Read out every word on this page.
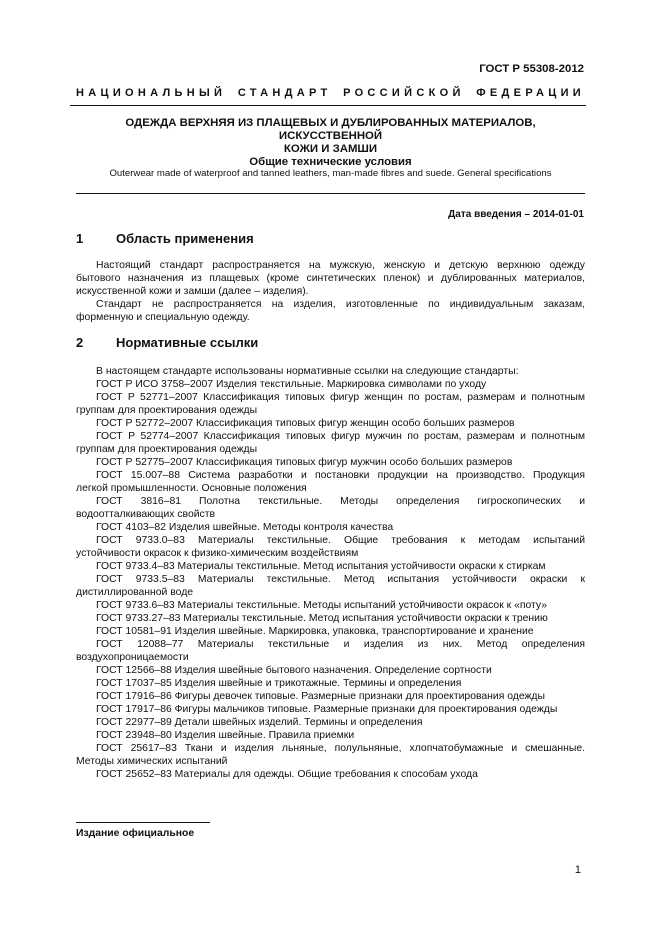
ГОСТ Р 55308-2012
НАЦИОНАЛЬНЫЙ СТАНДАРТ РОССИЙСКОЙ ФЕДЕРАЦИИ
ОДЕЖДА ВЕРХНЯЯ ИЗ ПЛАЩЕВЫХ И ДУБЛИРОВАННЫХ МАТЕРИАЛОВ, ИСКУССТВЕННОЙ
КОЖИ И ЗАМШИ
Общие технические условия
Outerwear made of waterproof and tanned leathers, man-made fibres and suede. General specifications
Дата введения – 2014-01-01
1	Область применения
Настоящий стандарт распространяется на мужскую, женскую и детскую верхнюю одежду
бытового назначения из плащевых (кроме синтетических пленок) и дублированных материалов,
искусственной кожи и замши (далее – изделия).
Стандарт не распространяется на изделия, изготовленные по индивидуальным заказам,
форменную и специальную одежду.
2	Нормативные ссылки
В настоящем стандарте использованы нормативные ссылки на следующие стандарты:
ГОСТ Р ИСО 3758–2007 Изделия текстильные. Маркировка символами по уходу
ГОСТ Р 52771–2007 Классификация типовых фигур женщин по ростам, размерам и полнотным
группам для проектирования одежды
ГОСТ Р 52772–2007 Классификация типовых фигур женщин особо больших размеров
ГОСТ Р 52774–2007 Классификация типовых фигур мужчин по ростам, размерам и полнотным
группам для проектирования одежды
ГОСТ Р 52775–2007 Классификация типовых фигур мужчин особо больших размеров
ГОСТ 15.007–88 Система разработки и постановки продукции на производство. Продукция
легкой промышленности. Основные положения
ГОСТ 3816–81 Полотна текстильные. Методы определения гигроскопических и
водоотталкивающих свойств
ГОСТ 4103–82 Изделия швейные. Методы контроля качества
ГОСТ 9733.0–83 Материалы текстильные. Общие требования к методам испытаний
устойчивости окрасок к физико-химическим воздействиям
ГОСТ 9733.4–83 Материалы текстильные. Метод испытания устойчивости окраски к стиркам
ГОСТ 9733.5–83 Материалы текстильные. Метод испытания устойчивости окраски к
дистиллированной воде
ГОСТ 9733.6–83 Материалы текстильные. Методы испытаний устойчивости окрасок к «поту»
ГОСТ 9733.27–83 Материалы текстильные. Метод испытания устойчивости окраски к трению
ГОСТ 10581–91 Изделия швейные. Маркировка, упаковка, транспортирование и хранение
ГОСТ 12088–77 Материалы текстильные и изделия из них. Метод определения
воздухопроницаемости
ГОСТ 12566–88 Изделия швейные бытового назначения. Определение сортности
ГОСТ 17037–85 Изделия швейные и трикотажные. Термины и определения
ГОСТ 17916–86 Фигуры девочек типовые. Размерные признаки для проектирования одежды
ГОСТ 17917–86 Фигуры мальчиков типовые. Размерные признаки для проектирования одежды
ГОСТ 22977–89 Детали швейных изделий. Термины и определения
ГОСТ 23948–80 Изделия швейные. Правила приемки
ГОСТ 25617–83 Ткани и изделия льняные, полульняные, хлопчатобумажные и смешанные.
Методы химических испытаний
ГОСТ 25652–83 Материалы для одежды. Общие требования к способам ухода
Издание официальное
1
